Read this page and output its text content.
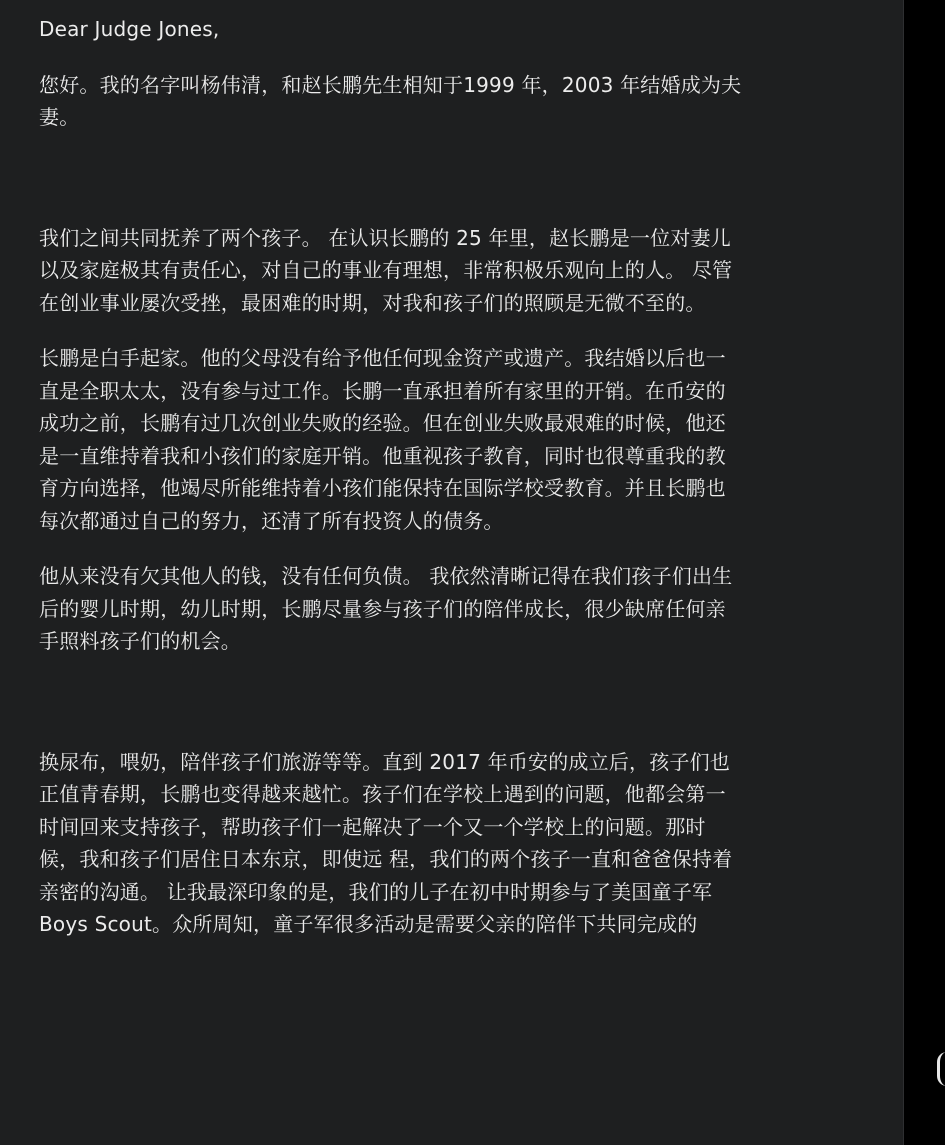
Dear Judge Jones,

您好。我的名字叫杨伟清，和赵长鹏先生相知于1999 年，2003 年结婚成为夫
妻。

我们之间共同抚养了两个孩子。 在认识长鹏的 25 年里，赵长鹏是一位对妻儿
以及家庭极其有责任心，对自己的事业有理想，非常积极乐观向上的人。 尽管
在创业事业屡次受挫，最困难的时期，对我和孩子们的照顾是无微不至的。

长鹏是白手起家。他的父母没有给予他任何现金资产或遗产。我结婚以后也一
直是全职太太，没有参与过工作。长鹏一直承担着所有家里的开销。在币安的
成功之前，长鹏有过几次创业失败的经验。但在创业失败最艰难的时候，他还
是一直维持着我和小孩们的家庭开销。他重视孩子教育，同时也很尊重我的教
育方向选择，他竭尽所能维持着小孩们能保持在国际学校受教育。并且长鹏也
每次都通过自己的努力，还清了所有投资人的债务。

他从来没有欠其他人的钱，没有任何负债。 我依然清晰记得在我们孩子们出生
后的婴儿时期，幼儿时期，长鹏尽量参与孩子们的陪伴成长，很少缺席任何亲
手照料孩子们的机会。

换尿布，喂奶，陪伴孩子们旅游等等。直到 2017 年币安的成立后，孩子们也
正值青春期，长鹏也变得越来越忙。孩子们在学校上遇到的问题，他都会第一
时间回来支持孩子，帮助孩子们一起解决了一个又一个学校上的问题。那时
候，我和孩子们居住日本东京，即使远 程，我们的两个孩子一直和爸爸保持着
亲密的沟通。 让我最深印象的是，我们的儿子在初中时期参与了美国童子军
Boys Scout。众所周知，童子军很多活动是需要父亲的陪伴下共同完成的
